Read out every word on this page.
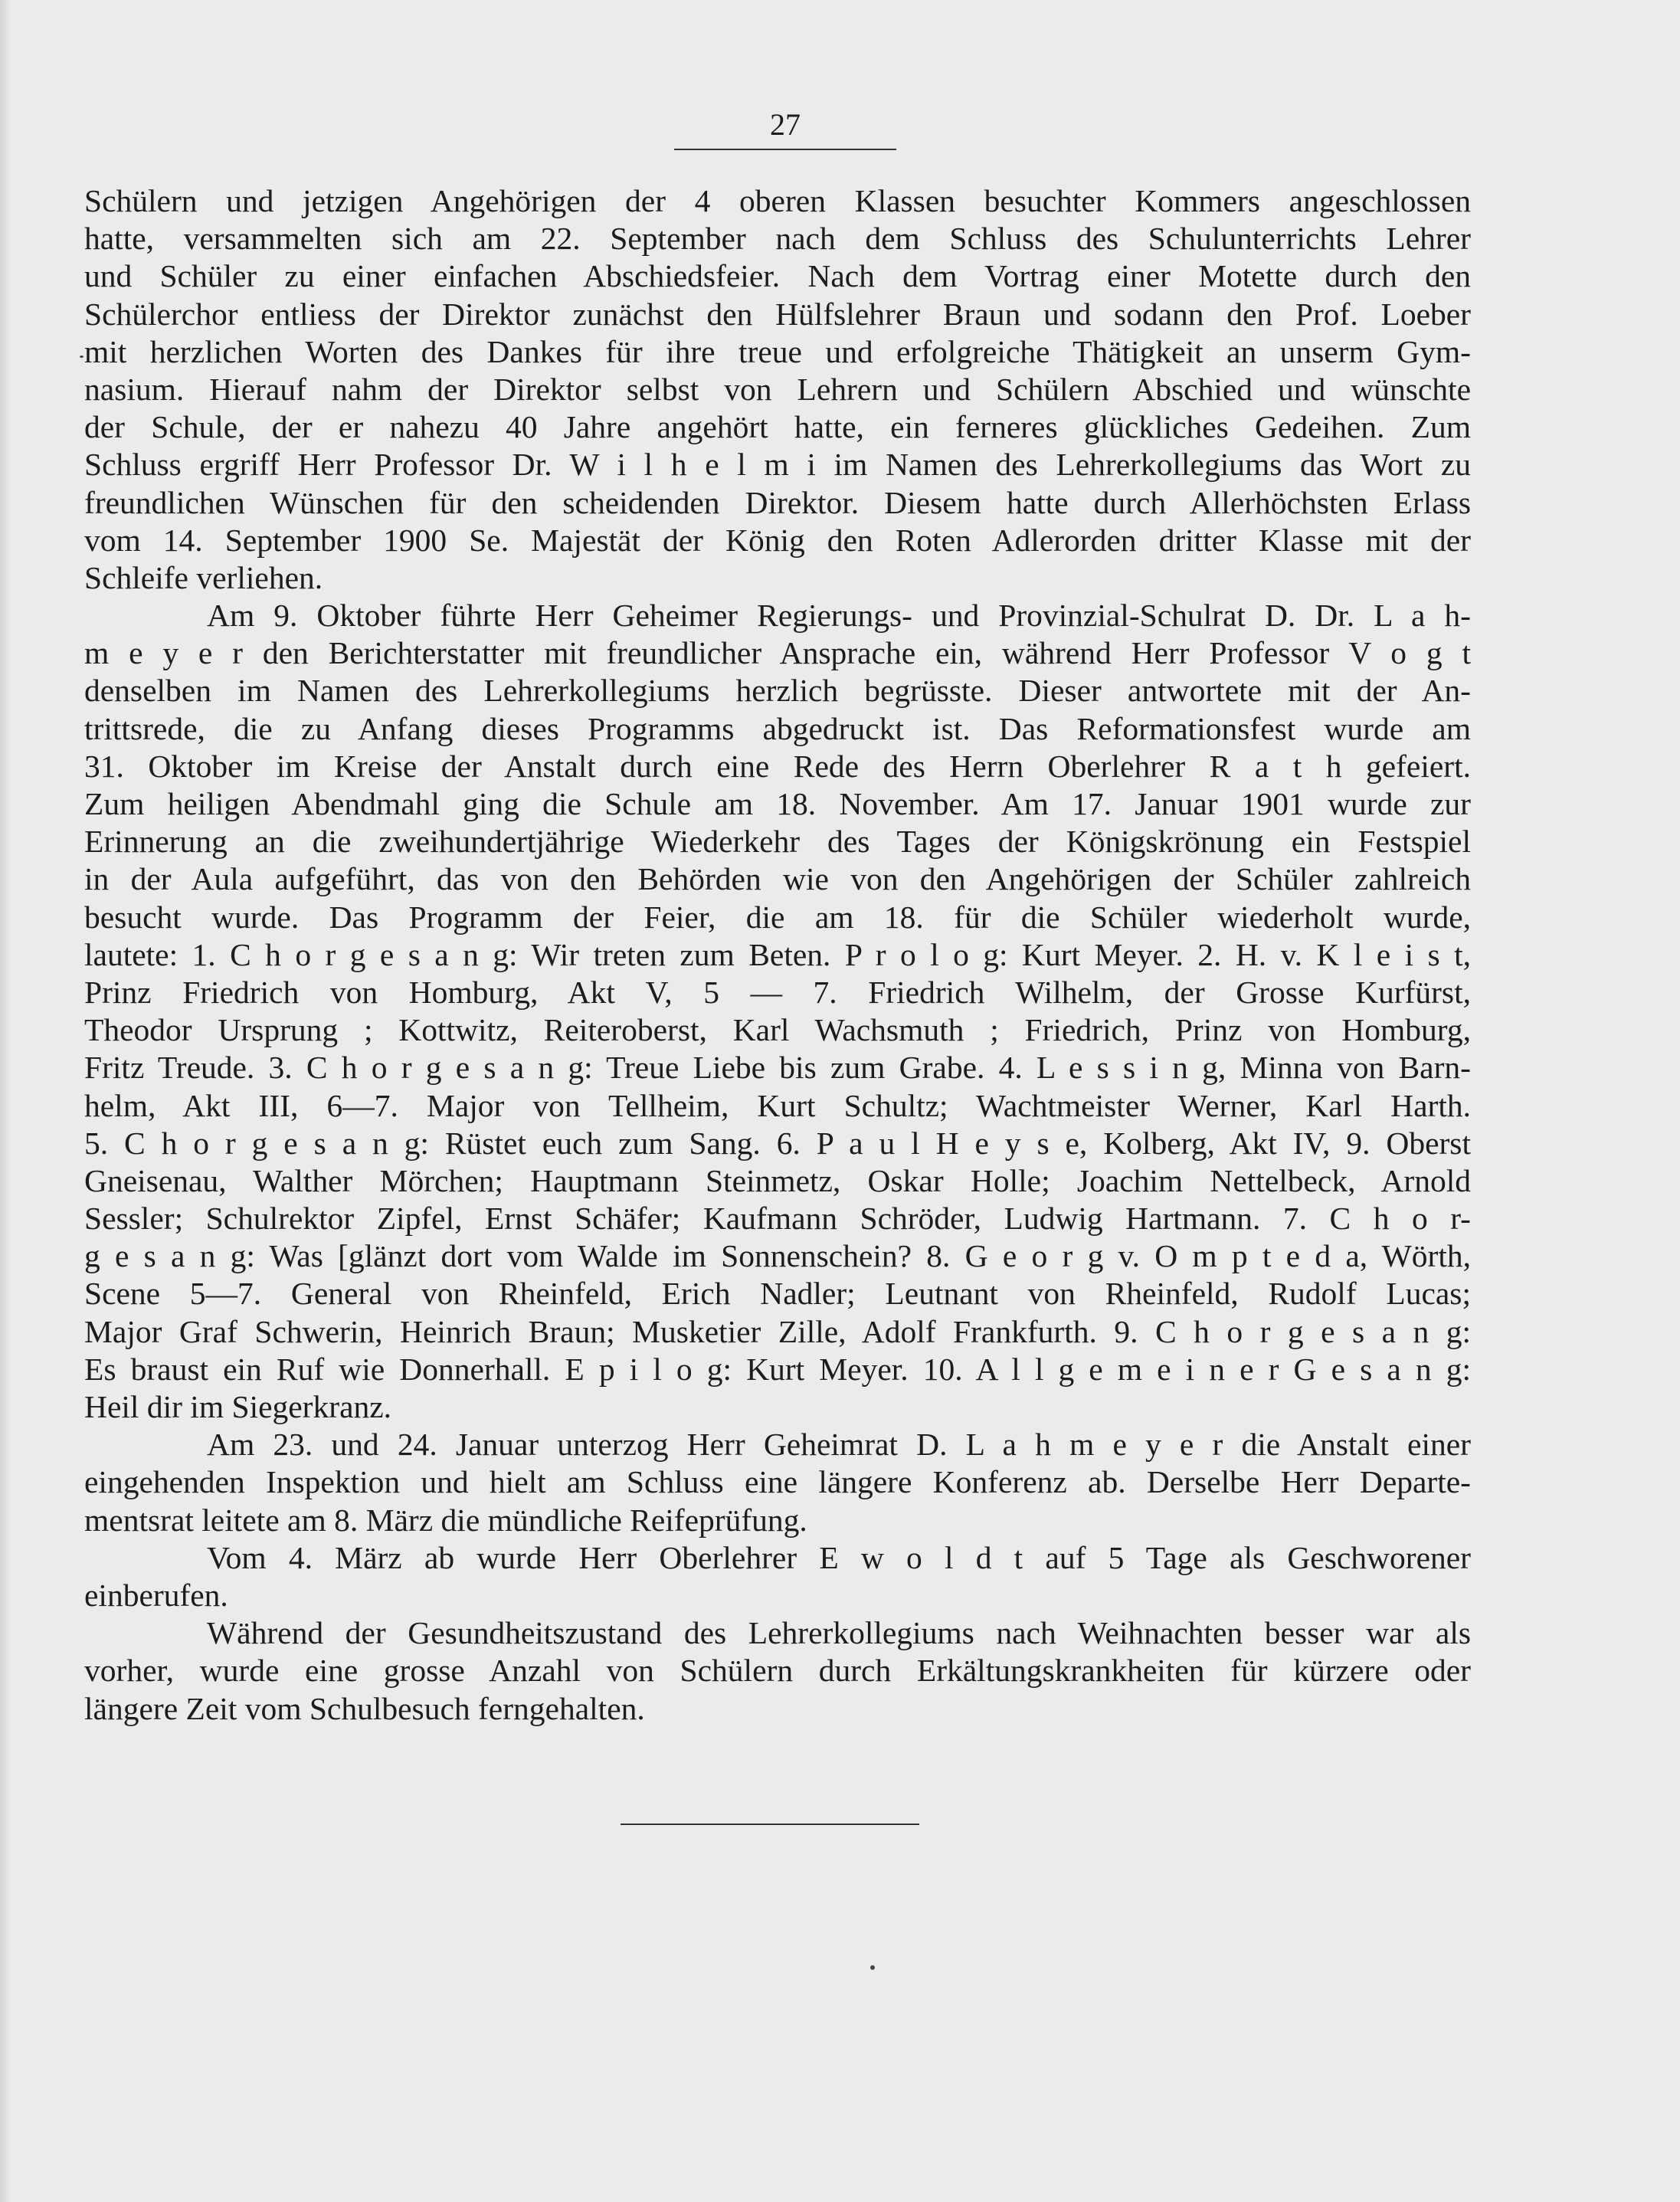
27
Schülern und jetzigen Angehörigen der 4 oberen Klassen besuchter Kommers angeschlossen
hatte, versammelten sich am 22. September nach dem Schluss des Schulunterrichts Lehrer
und Schüler zu einer einfachen Abschiedsfeier. Nach dem Vortrag einer Motette durch den
Schülerchor entliess der Direktor zunächst den Hülfslehrer Braun und sodann den Prof. Loeber
mit herzlichen Worten des Dankes für ihre treue und erfolgreiche Thätigkeit an unserm Gym-
nasium. Hierauf nahm der Direktor selbst von Lehrern und Schülern Abschied und wünschte
der Schule, der er nahezu 40 Jahre angehört hatte, ein ferneres glückliches Gedeihen. Zum
Schluss ergriff Herr Professor Dr. W i l h e l m i im Namen des Lehrerkollegiums das Wort zu
freundlichen Wünschen für den scheidenden Direktor. Diesem hatte durch Allerhöchsten Erlass
vom 14. September 1900 Se. Majestät der König den Roten Adlerorden dritter Klasse mit der
Schleife verliehen.
Am 9. Oktober führte Herr Geheimer Regierungs- und Provinzial-Schulrat D. Dr. L a h-
m e y e r den Berichterstatter mit freundlicher Ansprache ein, während Herr Professor V o g t
denselben im Namen des Lehrerkollegiums herzlich begrüsste. Dieser antwortete mit der An-
trittsrede, die zu Anfang dieses Programms abgedruckt ist. Das Reformationsfest wurde am
31. Oktober im Kreise der Anstalt durch eine Rede des Herrn Oberlehrer R a t h gefeiert.
Zum heiligen Abendmahl ging die Schule am 18. November. Am 17. Januar 1901 wurde zur
Erinnerung an die zweihundertjährige Wiederkehr des Tages der Königskrönung ein Festspiel
in der Aula aufgeführt, das von den Behörden wie von den Angehörigen der Schüler zahlreich
besucht wurde. Das Programm der Feier, die am 18. für die Schüler wiederholt wurde,
lautete: 1. C h o r g e s a n g: Wir treten zum Beten. P r o l o g: Kurt Meyer. 2. H. v. K l e i s t,
Prinz Friedrich von Homburg, Akt V, 5 — 7. Friedrich Wilhelm, der Grosse Kurfürst,
Theodor Ursprung ; Kottwitz, Reiteroberst, Karl Wachsmuth ; Friedrich, Prinz von Homburg,
Fritz Treude. 3. C h o r g e s a n g: Treue Liebe bis zum Grabe. 4. L e s s i n g, Minna von Barn-
helm, Akt III, 6—7. Major von Tellheim, Kurt Schultz; Wachtmeister Werner, Karl Harth.
5. C h o r g e s a n g: Rüstet euch zum Sang. 6. P a u l H e y s e, Kolberg, Akt IV, 9. Oberst
Gneisenau, Walther Mörchen; Hauptmann Steinmetz, Oskar Holle; Joachim Nettelbeck, Arnold
Sessler; Schulrektor Zipfel, Ernst Schäfer; Kaufmann Schröder, Ludwig Hartmann. 7. C h o r-
g e s a n g: Was [glänzt dort vom Walde im Sonnenschein? 8. G e o r g v. O m p t e d a, Wörth,
Scene 5—7. General von Rheinfeld, Erich Nadler; Leutnant von Rheinfeld, Rudolf Lucas;
Major Graf Schwerin, Heinrich Braun; Musketier Zille, Adolf Frankfurth. 9. C h o r g e s a n g:
Es braust ein Ruf wie Donnerhall. E p i l o g: Kurt Meyer. 10. A l l g e m e i n e r G e s a n g:
Heil dir im Siegerkranz.
Am 23. und 24. Januar unterzog Herr Geheimrat D. L a h m e y e r die Anstalt einer
eingehenden Inspektion und hielt am Schluss eine längere Konferenz ab. Derselbe Herr Departe-
mentsrat leitete am 8. März die mündliche Reifeprüfung.
Vom 4. März ab wurde Herr Oberlehrer E w o l d t auf 5 Tage als Geschworener
einberufen.
Während der Gesundheitszustand des Lehrerkollegiums nach Weihnachten besser war als
vorher, wurde eine grosse Anzahl von Schülern durch Erkältungskrankheiten für kürzere oder
längere Zeit vom Schulbesuch ferngehalten.
